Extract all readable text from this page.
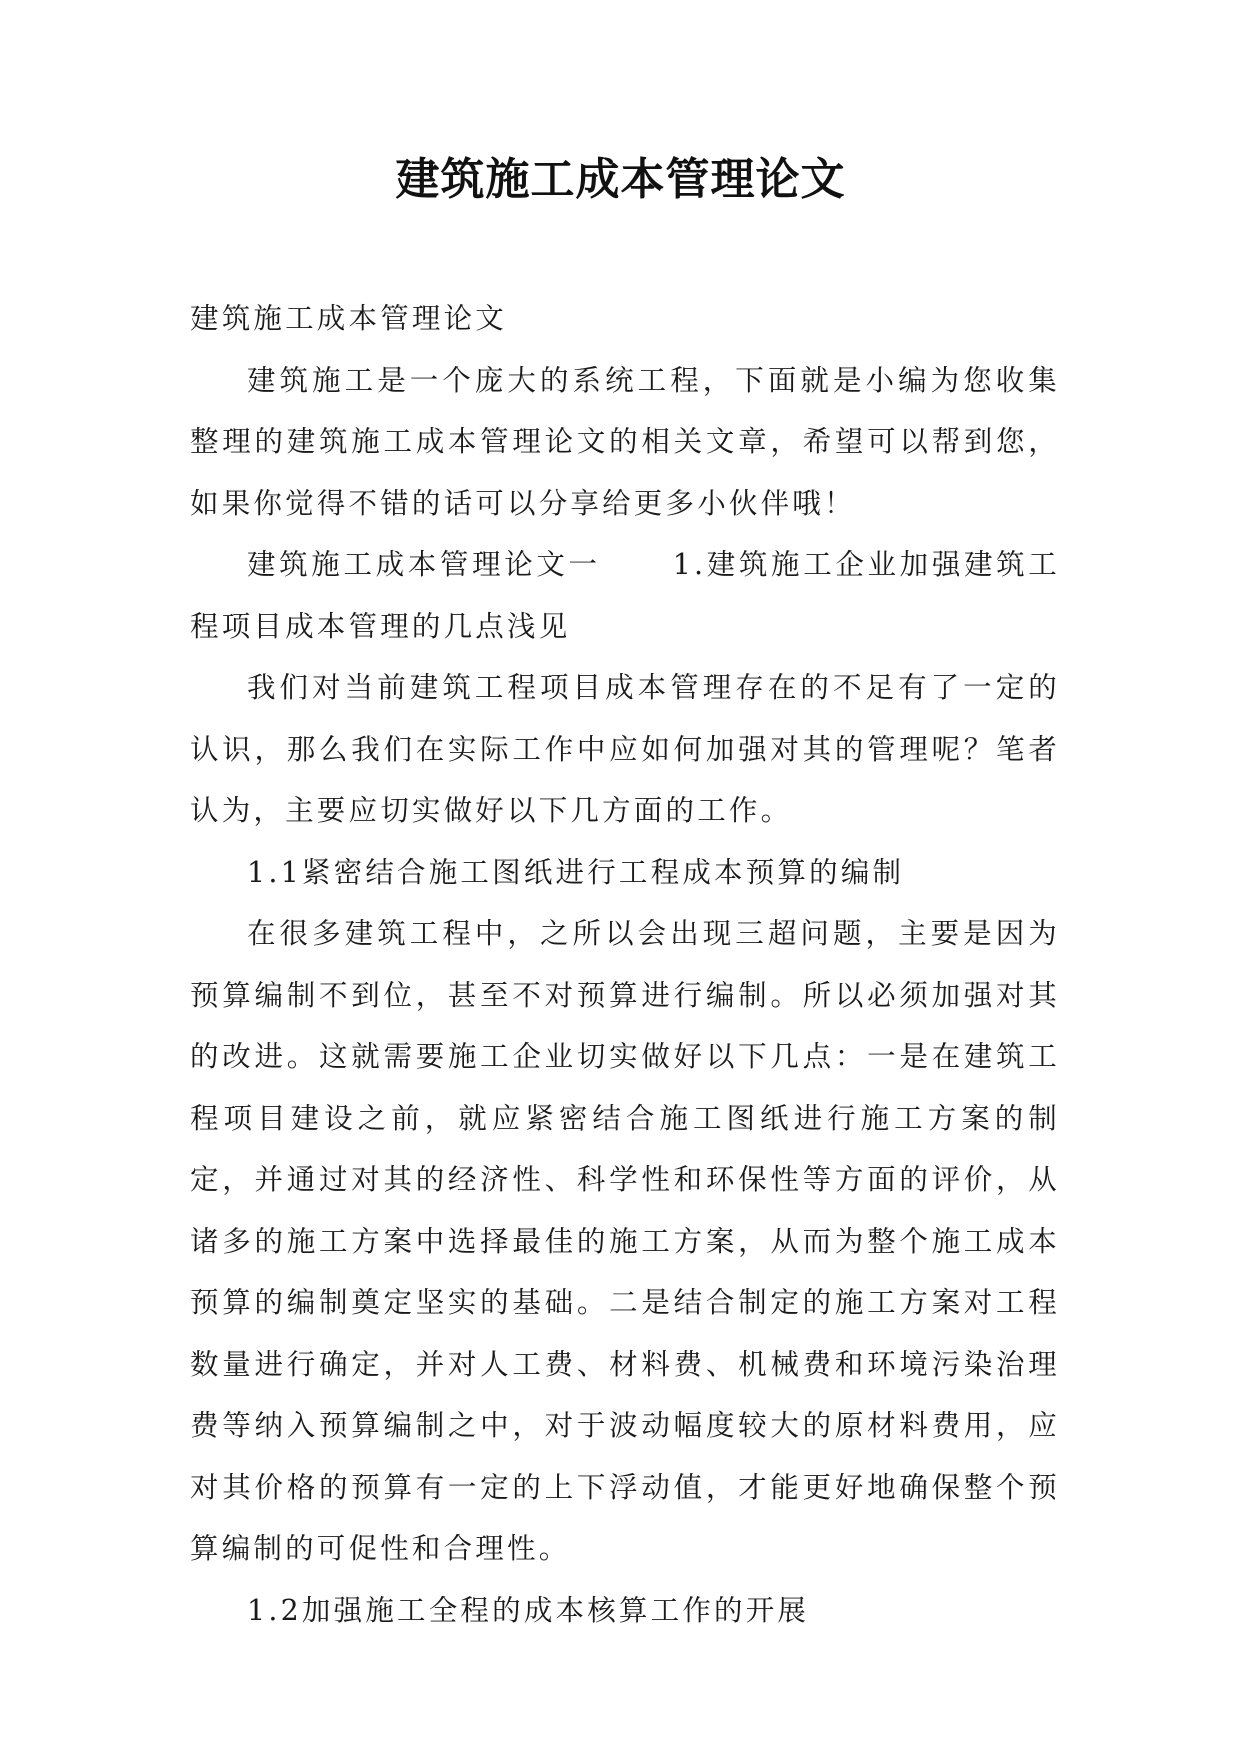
建筑施工成本管理论文

建筑施工成本管理论文

建筑施工是一个庞大的系统工程，下面就是小编为您收集整理的建筑施工成本管理论文的相关文章，希望可以帮到您，如果你觉得不错的话可以分享给更多小伙伴哦！

建筑施工成本管理论文一	1.建筑施工企业加强建筑工程项目成本管理的几点浅见

我们对当前建筑工程项目成本管理存在的不足有了一定的认识，那么我们在实际工作中应如何加强对其的管理呢？笔者认为，主要应切实做好以下几方面的工作。

1.1紧密结合施工图纸进行工程成本预算的编制

在很多建筑工程中，之所以会出现三超问题，主要是因为预算编制不到位，甚至不对预算进行编制。所以必须加强对其的改进。这就需要施工企业切实做好以下几点：一是在建筑工程项目建设之前，就应紧密结合施工图纸进行施工方案的制定，并通过对其的经济性、科学性和环保性等方面的评价，从诸多的施工方案中选择最佳的施工方案，从而为整个施工成本预算的编制奠定坚实的基础。二是结合制定的施工方案对工程数量进行确定，并对人工费、材料费、机械费和环境污染治理费等纳入预算编制之中，对于波动幅度较大的原材料费用，应对其价格的预算有一定的上下浮动值，才能更好地确保整个预算编制的可促性和合理性。

1.2加强施工全程的成本核算工作的开展
